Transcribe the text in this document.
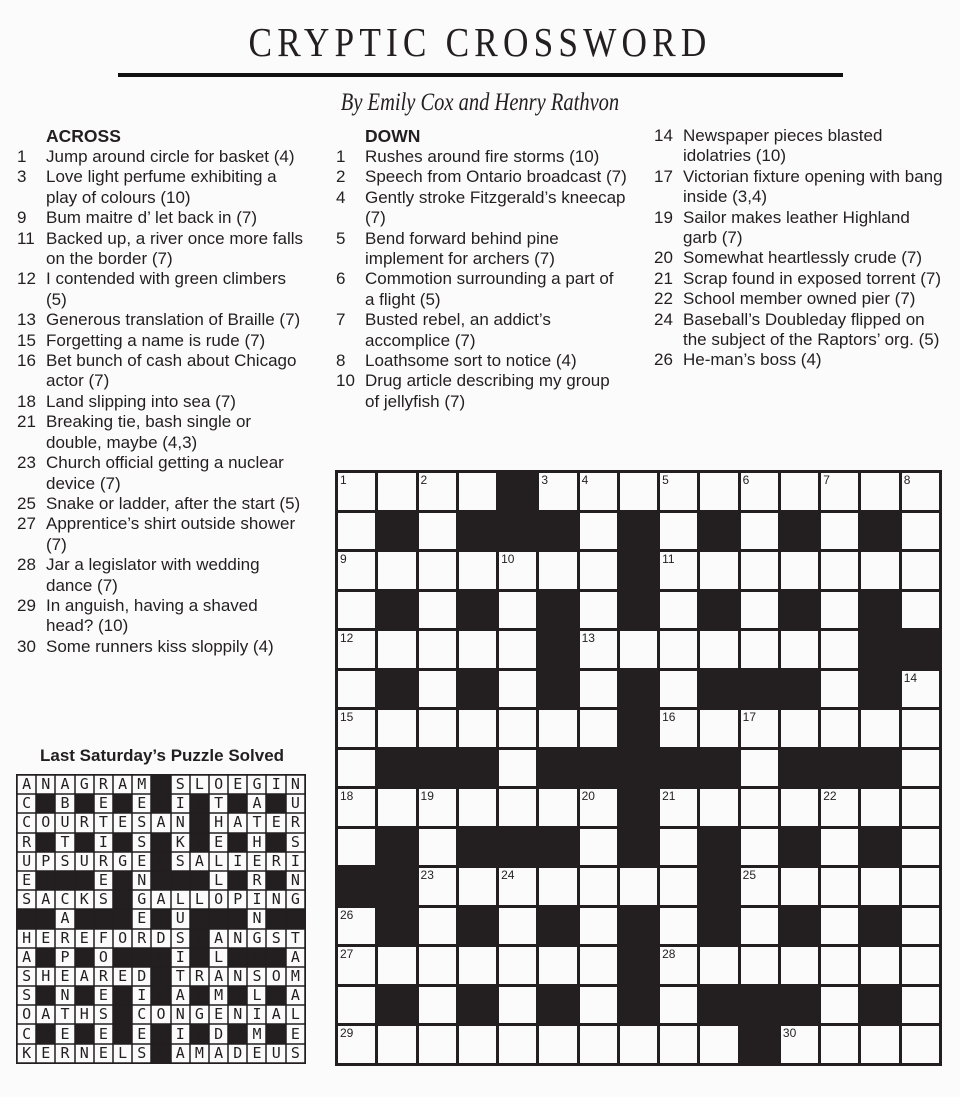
CRYPTIC CROSSWORD
By Emily Cox and Henry Rathvon
ACROSS
1	Jump around circle for basket (4)
3	Love light perfume exhibiting a play of colours (10)
9	Bum maitre d’ let back in (7)
11 Backed up, a river once more falls on the border (7)
12 I contended with green climbers (5)
13 Generous translation of Braille (7)
15 Forgetting a name is rude (7)
16 Bet bunch of cash about Chicago actor (7)
18 Land slipping into sea (7)
21 Breaking tie, bash single or double, maybe (4,3)
23 Church official getting a nuclear device (7)
25 Snake or ladder, after the start (5)
27 Apprentice’s shirt outside shower (7)
28 Jar a legislator with wedding dance (7)
29 In anguish, having a shaved head? (10)
30 Some runners kiss sloppily (4)
DOWN
1	Rushes around fire storms (10)
2	Speech from Ontario broadcast (7)
4	Gently stroke Fitzgerald’s kneecap (7)
5	Bend forward behind pine implement for archers (7)
6	Commotion surrounding a part of a flight (5)
7	Busted rebel, an addict’s accomplice (7)
8	Loathsome sort to notice (4)
10 Drug article describing my group of jellyfish (7)
14 Newspaper pieces blasted idolatries (10)
17 Victorian fixture opening with bang inside (3,4)
19 Sailor makes leather Highland garb (7)
20 Somewhat heartlessly crude (7)
21 Scrap found in exposed torrent (7)
22 School member owned pier (7)
24 Baseball’s Doubleday flipped on the subject of the Raptors’ org. (5)
26 He-man’s boss (4)
1	2	3	4	5	6	7	8
9	10	11
12	13
14
15	16	17
18	19	20	21	22
23	24	25
26
27	28
29	30
Last Saturday’s Puzzle Solved
ANAGRAM#SLOEGIN
C#B#E#E#I#T#A#U
COURTESAN#HATER
R#T#I#S#K#E#H#S
UPSURGE#SALIERI
E###E#N###L#R#N
SACKS#GALLOPING
##A###E#U###N##
HEREFORDS#ANGST
A#P#O###I#L###A
SHEARED#TRANSOM
S#N#E#I#A#M#L#A
OATHS#CONGENIAL
C#E#E#E#I#D#M#E
KERNELS#AMADEUS
